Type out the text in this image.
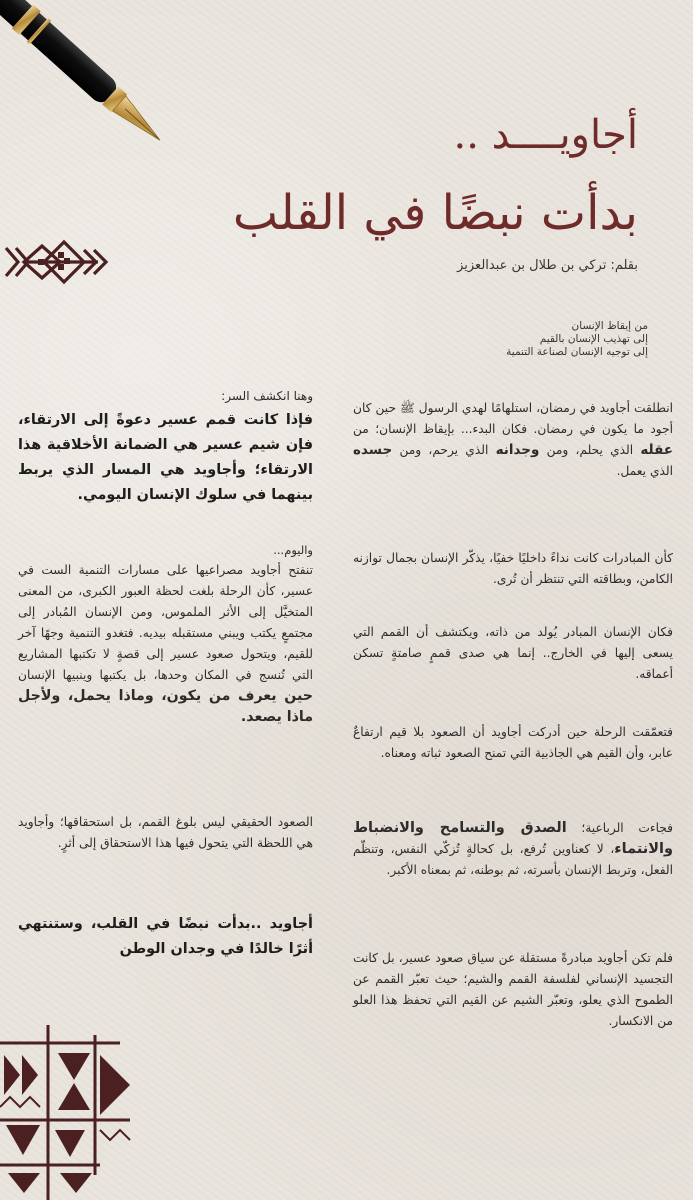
أجاويــــد ..
بدأت نبضًا في القلب
بقلم: تركي بن طلال بن عبدالعزيز
من إيقاظ الإنسان
إلى تهذيب الإنسان بالقيم
إلى توجيه الإنسان لصناعة التنمية
انطلقت أجاويد في رمضان، استلهامًا لهدي الرسول ﷺ حين كان أجود ما يكون في رمضان. فكان البدء... بإيقاظ الإنسان؛ من عقله الذي يحلم، ومن وجدانه الذي يرحم، ومن جسده الذي يعمل.
كأن المبادرات كانت نداءً داخليًا خفيًا، يذكّر الإنسان بجمال توازنه الكامن، وبطاقته التي تنتظر أن تُرى.
فكان الإنسان المبادر يُولد من ذاته، ويكتشف أن القمم التي يسعى إليها في الخارج.. إنما هي صدى قممٍ صامتةٍ تسكن أعماقه.
فتعمّقت الرحلة حين أدركت أجاويد أن الصعود بلا قيم ارتفاعٌ عابر، وأن القيم هي الجاذبية التي تمنح الصعود ثباته ومعناه.
فجاءت الرباعية؛ الصدق والتسامح والانضباط والانتماء، لا كعناوين تُرفع، بل كحالةٍ تُزكّي النفس، وتنظّم الفعل، وتربط الإنسان بأسرته، ثم بوطنه، ثم بمعناه الأكبر.
فلم تكن أجاويد مبادرةً مستقلة عن سياق صعود عسير، بل كانت التجسيد الإنساني لفلسفة القمم والشيم؛ حيث تعبّر القمم عن الطموح الذي يعلو، وتعبّر الشيم عن القيم التي تحفظ هذا العلو من الانكسار.
وهنا انكشف السر:
فإذا كانت قمم عسير دعوةً إلى الارتقاء، فإن شيم عسير هي الضمانة الأخلاقية هذا الارتقاء؛ وأجاويد هي المسار الذي يربط بينهما في سلوك الإنسان اليومي.
واليوم...
تنفتح أجاويد مصراعيها على مسارات التنمية الست في عسير، كأن الرحلة بلغت لحظة العبور الكبرى، من المعنى المتخيَّل إلى الأثر الملموس، ومن الإنسان المُبادر إلى مجتمعٍ يكتب ويبني مستقبله بيديه. فتغدو التنمية وجهًا آخر للقيم، ويتحول صعود عسير إلى قصةٍ لا تكتبها المشاريع التي تُنسج في المكان وحدها، بل يكتبها وينبيها الإنسان حين يعرف من يكون، وماذا يحمل، ولأجل ماذا يصعد.
الصعود الحقيقي ليس بلوغ القمم، بل استحقاقها؛ وأجاويد هي اللحظة التي يتحول فيها هذا الاستحقاق إلى أثرٍ.
أجاويد ..بدأت نبضًا في القلب، وستنتهي أثرًا خالدًا في وجدان الوطن
